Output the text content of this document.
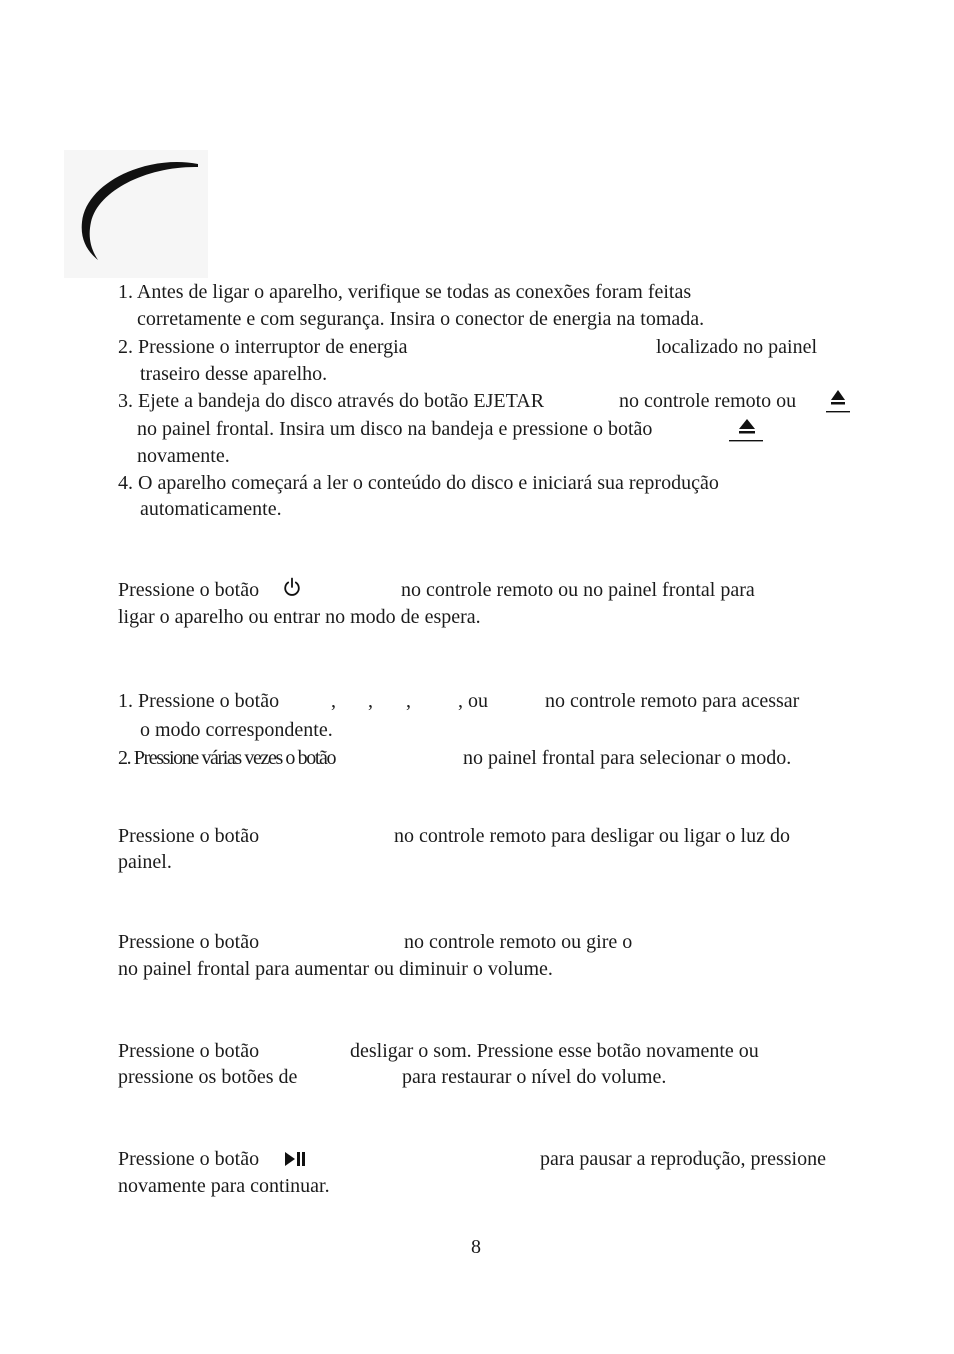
1. Antes de ligar o aparelho, verifique se todas as conexões foram feitas
corretamente e com segurança. Insira o conector de energia na tomada.
2. Pressione o interruptor de energia	localizado no painel
traseiro desse aparelho.
3. Ejete a bandeja do disco através do botão EJETAR	no controle remoto ou
no painel frontal. Insira um disco na bandeja e pressione o botão
novamente.
4. O aparelho começará a ler o conteúdo do disco e iniciará sua reprodução
automaticamente.
Pressione o botão	no controle remoto ou no painel frontal para
ligar o aparelho ou entrar no modo de espera.
1. Pressione o botão	, , , , ou	no controle remoto para acessar
o modo correspondente.
2. Pressione várias vezes o botão	no painel frontal para selecionar o modo.
Pressione o botão	no controle remoto para desligar ou ligar o luz do
painel.
Pressione o botão	no controle remoto ou gire o
no painel frontal para aumentar ou diminuir o volume.
Pressione o botão	desligar o som. Pressione esse botão novamente ou
pressione os botões de	para restaurar o nível do volume.
Pressione o botão	para pausar a reprodução, pressione
novamente para continuar.
8
